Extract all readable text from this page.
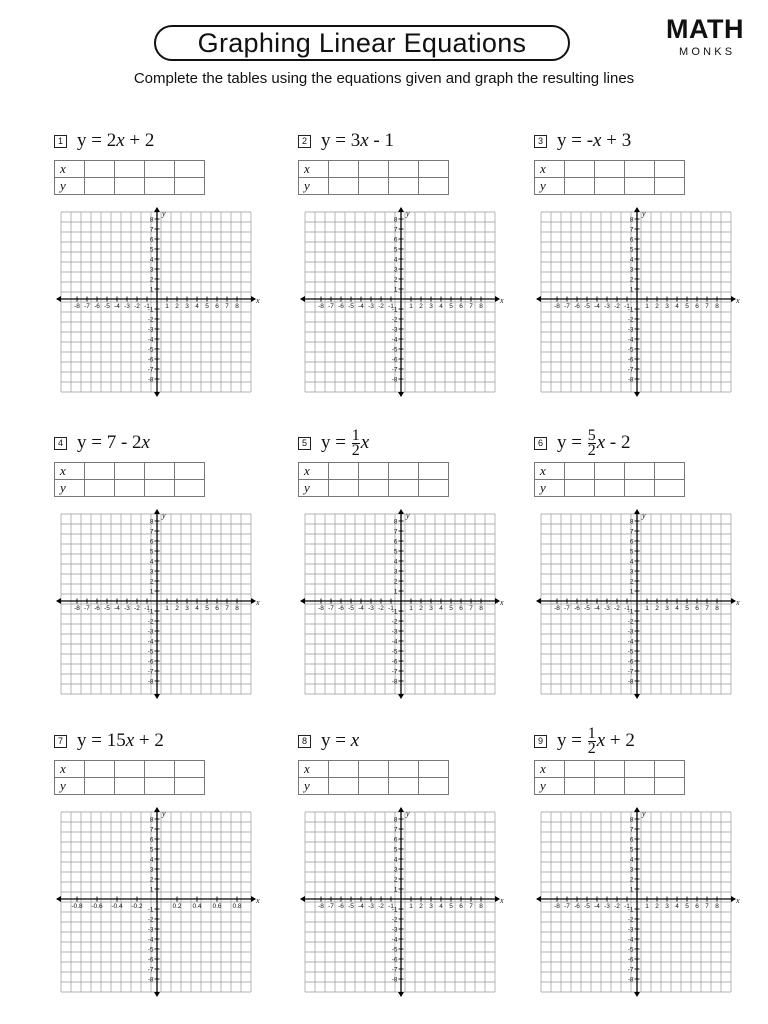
Graphing Linear Equations	MATH
MONKS
Complete the tables using the equations given and graph the resulting lines
1 y = 2x + 2
x				
y				
-8 -7 -6 -5 -4 -3 -2 -1 1 2 3 4 5 6 7 8
8
7
6
5
4
3
2
1
-1
-2
-3
-4
-5
-6
-7
-8
x
y
2 y = 3x - 1
x				
y				
-8 -7 -6 -5 -4 -3 -2 -1 1 2 3 4 5 6 7 8
8
7
6
5
4
3
2
1
-1
-2
-3
-4
-5
-6
-7
-8
x
y
3 y = -x + 3
x				
y				
-8 -7 -6 -5 -4 -3 -2 -1 1 2 3 4 5 6 7 8
8
7
6
5
4
3
2
1
-1
-2
-3
-4
-5
-6
-7
-8
x
y
4 y = 7 - 2x
x				
y				
-8 -7 -6 -5 -4 -3 -2 -1 1 2 3 4 5 6 7 8
8
7
6
5
4
3
2
1
-1
-2
-3
-4
-5
-6
-7
-8
x
y
5 $y = \frac{1}{2}$ x
x				
y				
-8 -7 -6 -5 -4 -3 -2 -1 1 2 3 4 5 6 7 8
8
7
6
5
4
3
2
1
-1
-2
-3
-4
-5
-6
-7
-8
x
y
6 $y = \frac{5}{2}$ x - 2
x				
y				
-8 -7 -6 -5 -4 -3 -2 -1 1 2 3 4 5 6 7 8
8
7
6
5
4
3
2
1
-1
-2
-3
-4
-5
-6
-7
-8
x
y
7 y = 15x + 2
x				
y				
-0.8 -0.6 -0.4 -0.2	0.2 0.4 0.6 0.8
8
7
6
5
4
3
2
1
-1
-2
-3
-4
-5
-6
-7
-8
x
y
8 y = x
x				
y				
-8 -7 -6 -5 -4 -3 -2 -1 1 2 3 4 5 6 7 8
8
7
6
5
4
3
2
1
-1
-2
-3
-4
-5
-6
-7
-8
x
y
9 $y = \frac{1}{2}$ x + 2
x				
y				
-8 -7 -6 -5 -4 -3 -2 -1 1 2 3 4 5 6 7 8
8
7
6
5
4
3
2
1
-1
-2
-3
-4
-5
-6
-7
-8
x
y
